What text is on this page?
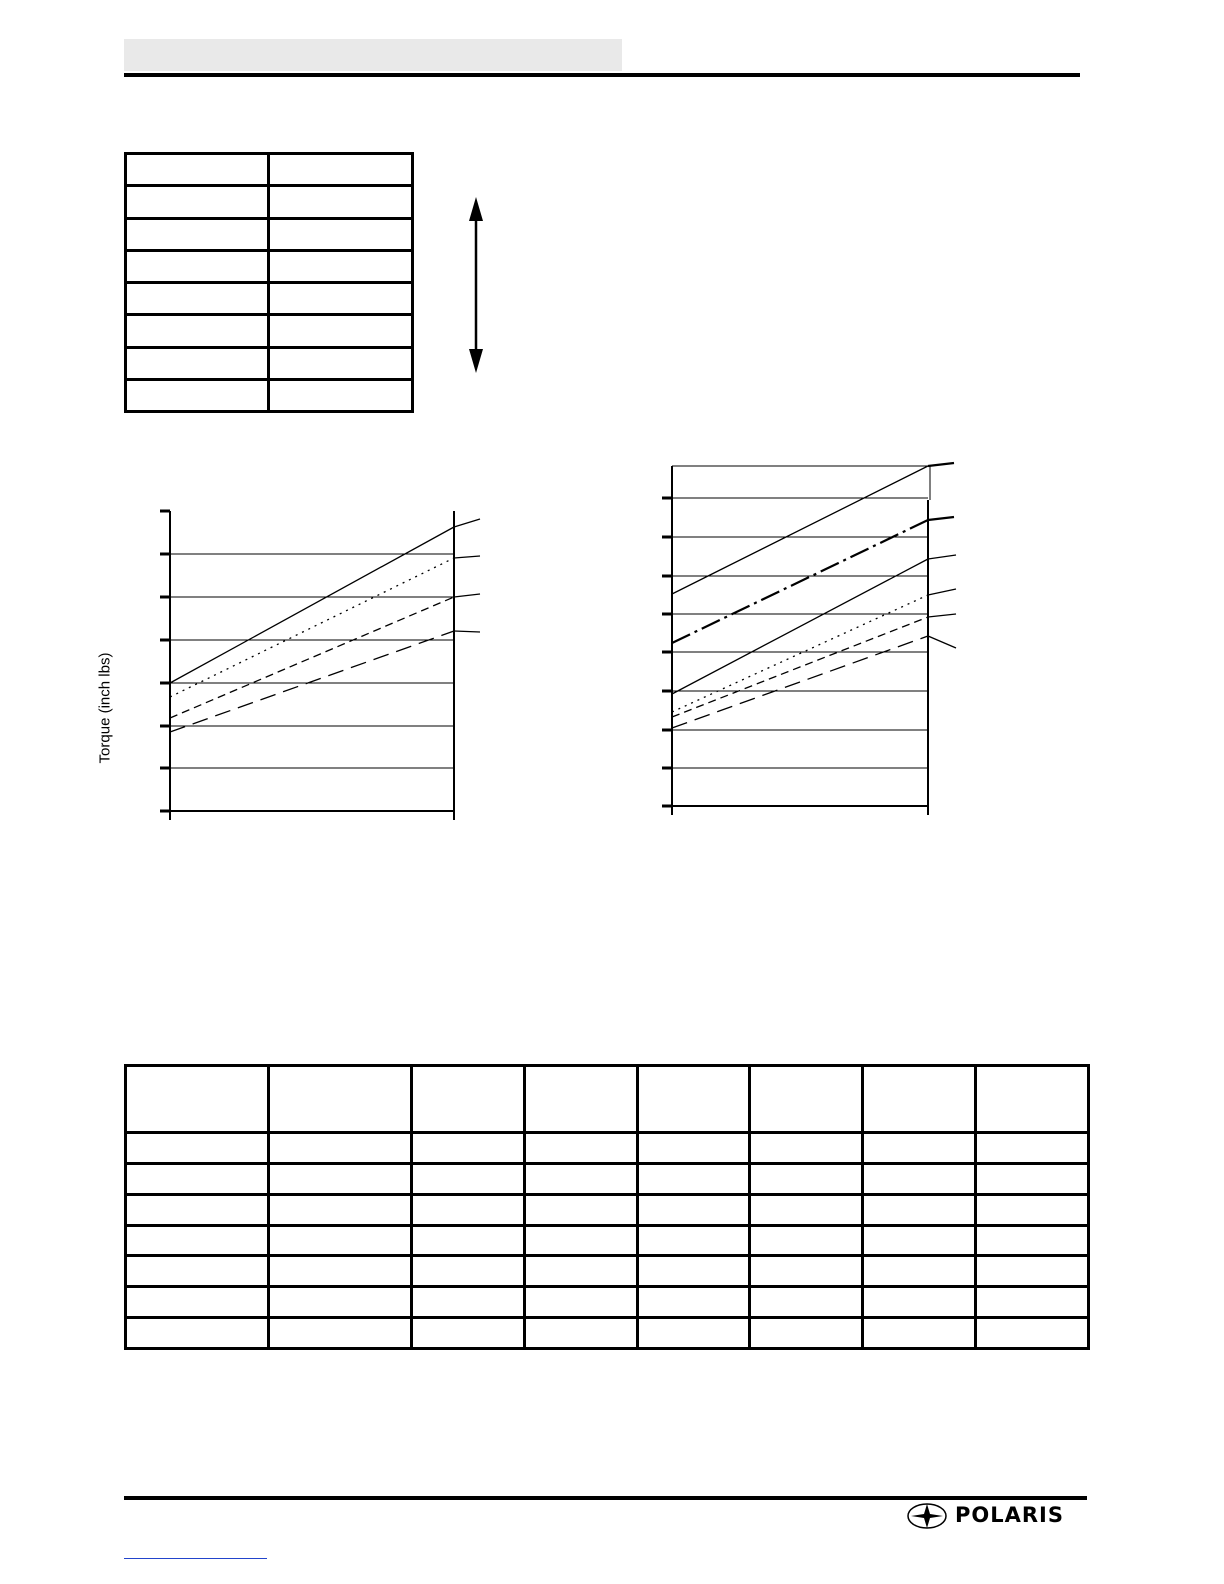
Torque (inch lbs)

POLARIS
